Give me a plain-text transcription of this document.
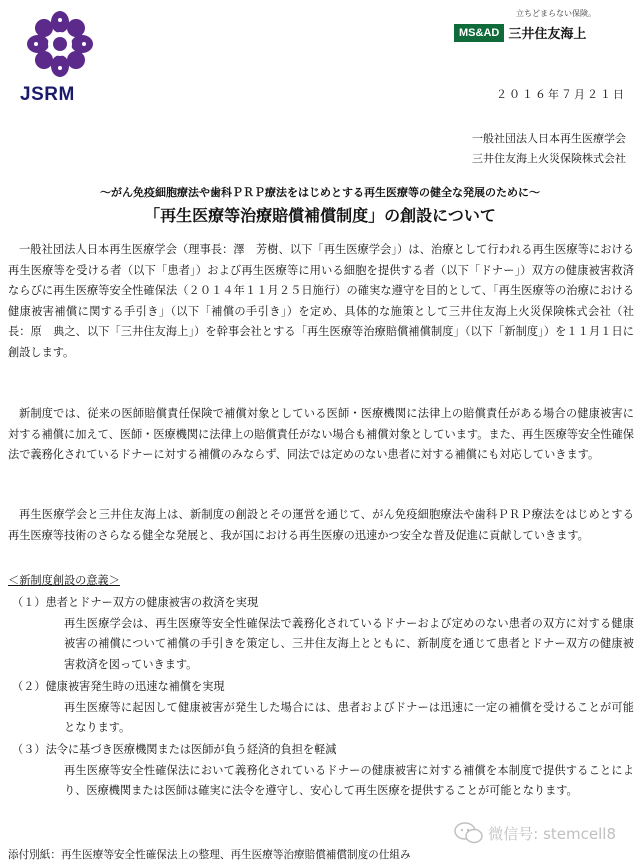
JSRM
立ちどまらない保険。
MS&AD 三井住友海上
２０１６年７月２１日
一般社団法人日本再生医療学会
三井住友海上火災保険株式会社
～がん免疫細胞療法や歯科ＰＲＰ療法をはじめとする再生医療等の健全な発展のために～
「再生医療等治療賠償補償制度」の創設について

一般社団法人日本再生医療学会（理事長：澤　芳樹、以下「再生医療学会」）は、治療として行われる再生医療等における再生医療等を受ける者（以下「患者」）および再生医療等に用いる細胞を提供する者（以下「ドナー」）双方の健康被害救済ならびに再生医療等安全性確保法（２０１４年１１月２５日施行）の確実な遵守を目的として、「再生医療等の治療における健康被害補償に関する手引き」（以下「補償の手引き」）を定め、具体的な施策として三井住友海上火災保険株式会社（社長：原　典之、以下「三井住友海上」）を幹事会社とする「再生医療等治療賠償補償制度」（以下「新制度」）を１１月１日に創設します。

新制度では、従来の医師賠償責任保険で補償対象としている医師・医療機関に法律上の賠償責任がある場合の健康被害に対する補償に加えて、医師・医療機関に法律上の賠償責任がない場合も補償対象としています。また、再生医療等安全性確保法で義務化されているドナーに対する補償のみならず、同法では定めのない患者に対する補償にも対応していきます。

再生医療学会と三井住友海上は、新制度の創設とその運営を通じて、がん免疫細胞療法や歯科ＰＲＰ療法をはじめとする再生医療等技術のさらなる健全な発展と、我が国における再生医療の迅速かつ安全な普及促進に貢献していきます。

＜新制度創設の意義＞
（１）患者とドナー双方の健康被害の救済を実現
再生医療学会は、再生医療等安全性確保法で義務化されているドナーおよび定めのない患者の双方に対する健康被害の補償について補償の手引きを策定し、三井住友海上とともに、新制度を通じて患者とドナー双方の健康被害救済を図っていきます。
（２）健康被害発生時の迅速な補償を実現
再生医療等に起因して健康被害が発生した場合には、患者およびドナーは迅速に一定の補償を受けることが可能となります。
（３）法令に基づき医療機関または医師が負う経済的負担を軽減
再生医療等安全性確保法において義務化されているドナーの健康被害に対する補償を本制度で提供することにより、医療機関または医師は確実に法令を遵守し、安心して再生医療を提供することが可能となります。
微信号: stemcell8
添付別紙：再生医療等安全性確保法上の整理、再生医療等治療賠償補償制度の仕組み
